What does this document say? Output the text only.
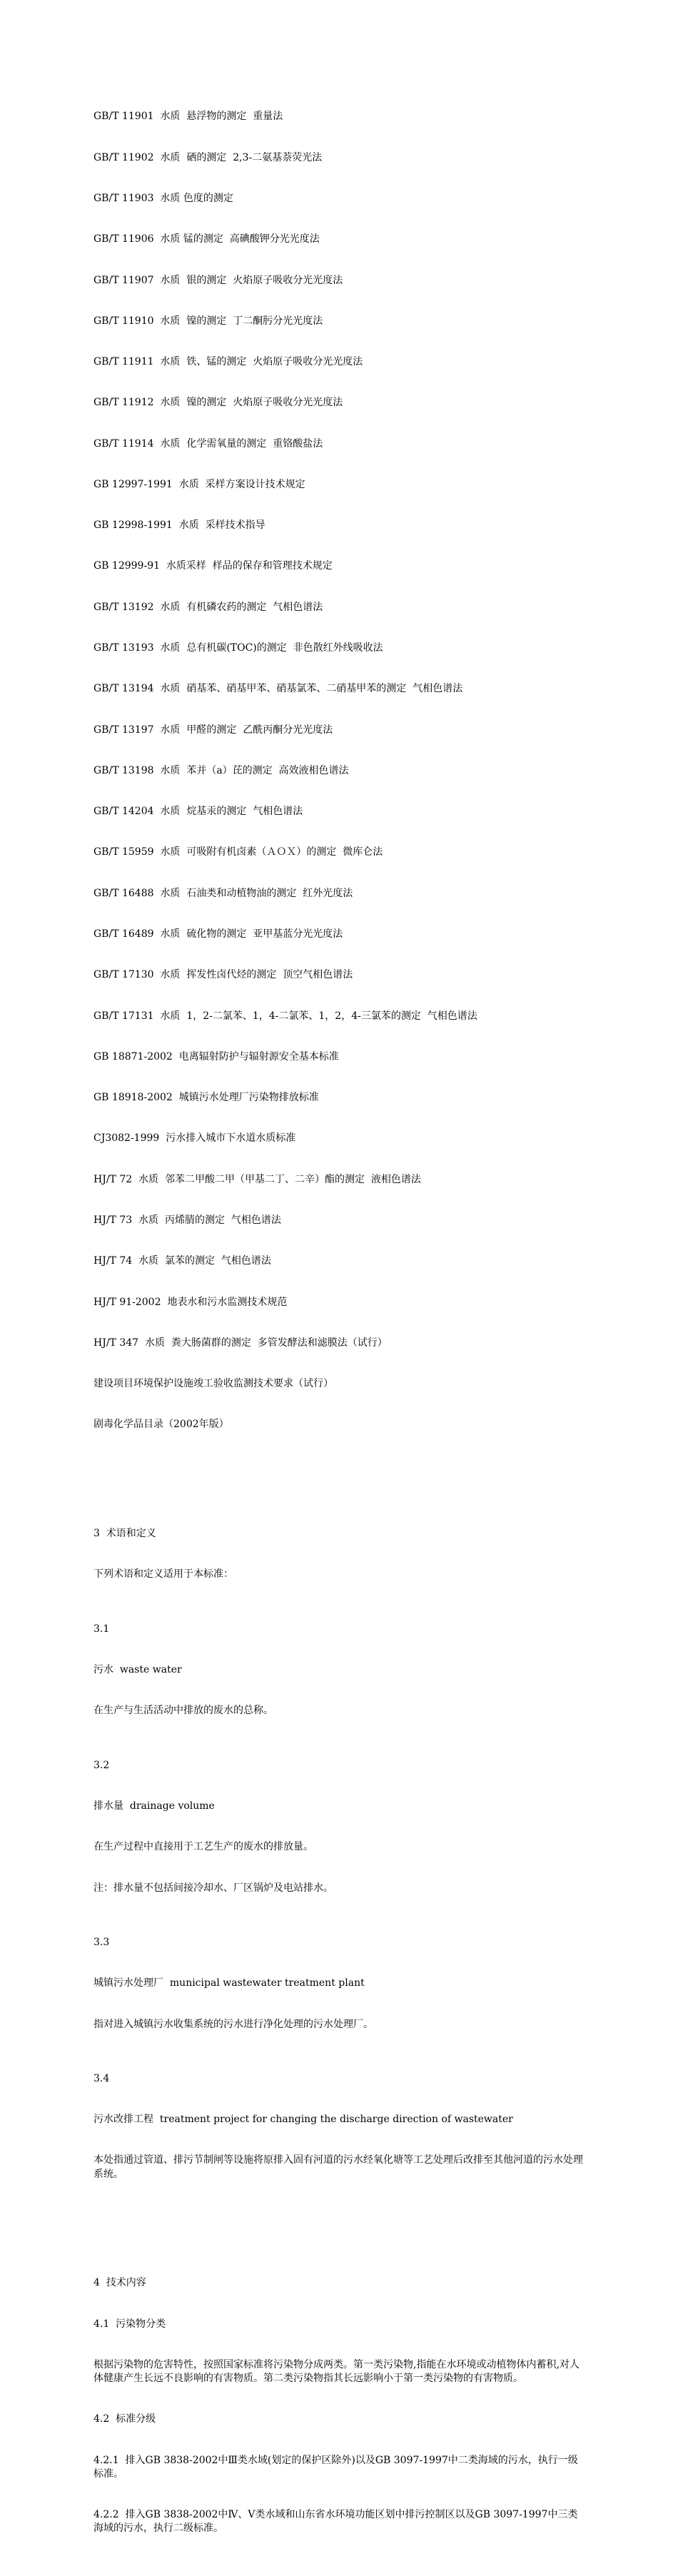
GB/T 11901  水质  悬浮物的测定  重量法

GB/T 11902  水质  硒的测定  2,3-二氨基萘荧光法

GB/T 11903  水质 色度的测定

GB/T 11906  水质 锰的测定  高碘酸钾分光光度法

GB/T 11907  水质  银的测定  火焰原子吸收分光光度法

GB/T 11910  水质  镍的测定  丁二酮肟分光光度法

GB/T 11911  水质  铁、锰的测定  火焰原子吸收分光光度法

GB/T 11912  水质  镍的测定  火焰原子吸收分光光度法

GB/T 11914  水质  化学需氧量的测定  重铬酸盐法

GB 12997-1991  水质  采样方案设计技术规定

GB 12998-1991  水质  采样技术指导

GB 12999-91  水质采样  样品的保存和管理技术规定

GB/T 13192  水质  有机磷农药的测定  气相色谱法

GB/T 13193  水质  总有机碳(TOC)的测定  非色散红外线吸收法

GB/T 13194  水质  硝基苯、硝基甲苯、硝基氯苯、二硝基甲苯的测定  气相色谱法

GB/T 13197  水质  甲醛的测定  乙酰丙酮分光光度法

GB/T 13198  水质  苯并（a）芘的测定  高效液相色谱法

GB/T 14204  水质  烷基汞的测定  气相色谱法

GB/T 15959  水质  可吸附有机卤素（ＡＯＸ）的测定  微库仑法

GB/T 16488  水质  石油类和动植物油的测定  红外光度法

GB/T 16489  水质  硫化物的测定  亚甲基蓝分光光度法

GB/T 17130  水质  挥发性卤代烃的测定  顶空气相色谱法

GB/T 17131  水质  1，2-二氯苯、1，4-二氯苯、1，2，4-三氯苯的测定  气相色谱法

GB 18871-2002  电离辐射防护与辐射源安全基本标准

GB 18918-2002  城镇污水处理厂污染物排放标准

CJ3082-1999  污水排入城市下水道水质标准

HJ/T 72  水质  邻苯二甲酸二甲（甲基二丁、二辛）酯的测定  液相色谱法

HJ/T 73  水质  丙烯腈的测定  气相色谱法

HJ/T 74  水质  氯苯的测定  气相色谱法

HJ/T 91-2002  地表水和污水监测技术规范

HJ/T 347  水质  粪大肠菌群的测定  多管发酵法和滤膜法（试行）

建设项目环境保护设施竣工验收监测技术要求（试行）

剧毒化学品目录（2002年版）

3  术语和定义

下列术语和定义适用于本标准：

3.1

污水  waste water

在生产与生活活动中排放的废水的总称。

3.2

排水量  drainage volume

在生产过程中直接用于工艺生产的废水的排放量。

注：排水量不包括间接冷却水、厂区锅炉及电站排水。

3.3

城镇污水处理厂  municipal wastewater treatment plant

指对进入城镇污水收集系统的污水进行净化处理的污水处理厂。

3.4

污水改排工程  treatment project for changing the discharge direction of wastewater

本处指通过管道、排污节制闸等设施将原排入固有河道的污水经氧化塘等工艺处理后改排至其他河道的污水处理系统。

4  技术内容

4.1  污染物分类

根据污染物的危害特性，按照国家标准将污染物分成两类。第一类污染物,指能在水环境或动植物体内蓄积,对人体健康产生长远不良影响的有害物质。第二类污染物指其长远影响小于第一类污染物的有害物质。

4.2  标准分级

4.2.1  排入GB 3838-2002中Ⅲ类水域(划定的保护区除外)以及GB 3097-1997中二类海域的污水，执行一级标准。

4.2.2  排入GB 3838-2002中Ⅳ、Ⅴ类水域和山东省水环境功能区划中排污控制区以及GB 3097-1997中三类海域的污水，执行二级标准。
